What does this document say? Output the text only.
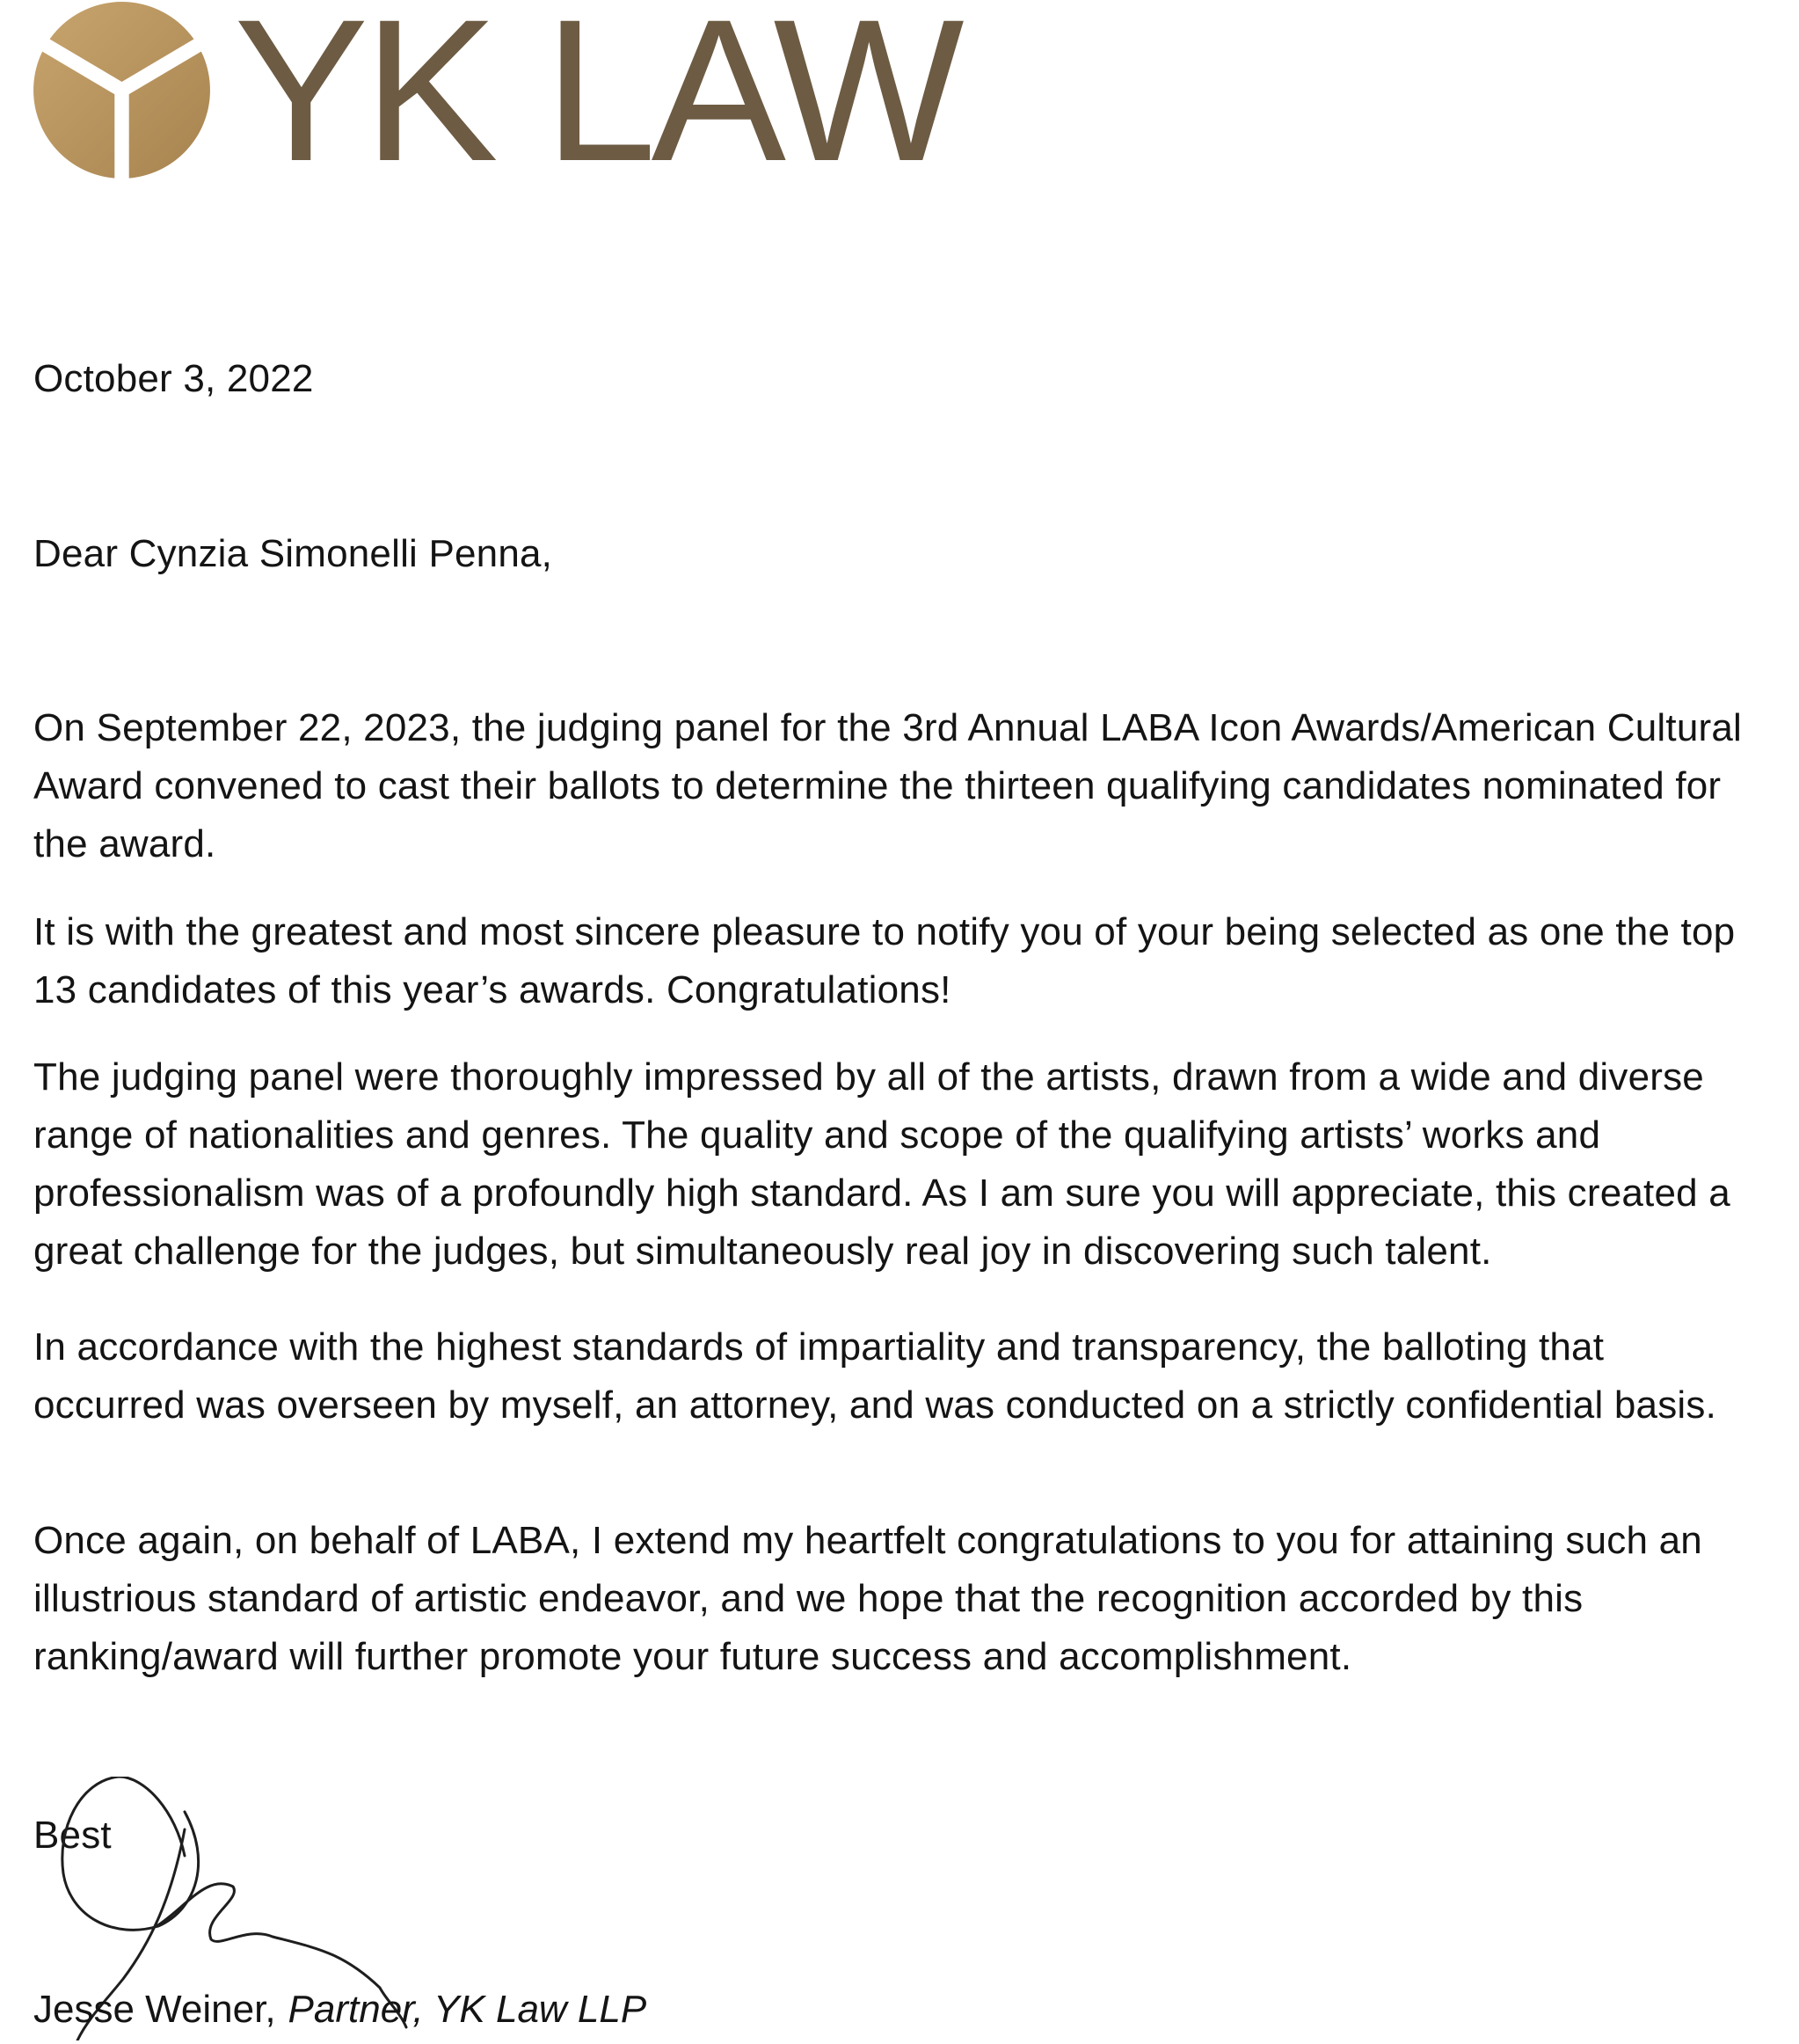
YK LAW
October 3, 2022
Dear Cynzia Simonelli Penna,
On September 22, 2023, the judging panel for the 3rd Annual LABA Icon Awards/American Cultural Award convened to cast their ballots to determine the thirteen qualifying candidates nominated for the award.
It is with the greatest and most sincere pleasure to notify you of your being selected as one the top 13 candidates of this year’s awards. Congratulations!
The judging panel were thoroughly impressed by all of the artists, drawn from a wide and diverse range of nationalities and genres. The quality and scope of the qualifying artists’ works and professionalism was of a profoundly high standard. As I am sure you will appreciate, this created a great challenge for the judges, but simultaneously real joy in discovering such talent.
In accordance with the highest standards of impartiality and transparency, the balloting that occurred was overseen by myself, an attorney, and was conducted on a strictly confidential basis.
Once again, on behalf of LABA, I extend my heartfelt congratulations to you for attaining such an illustrious standard of artistic endeavor, and we hope that the recognition accorded by this ranking/award will further promote your future success and accomplishment.
Best
Jesse Weiner, Partner, YK Law LLP
